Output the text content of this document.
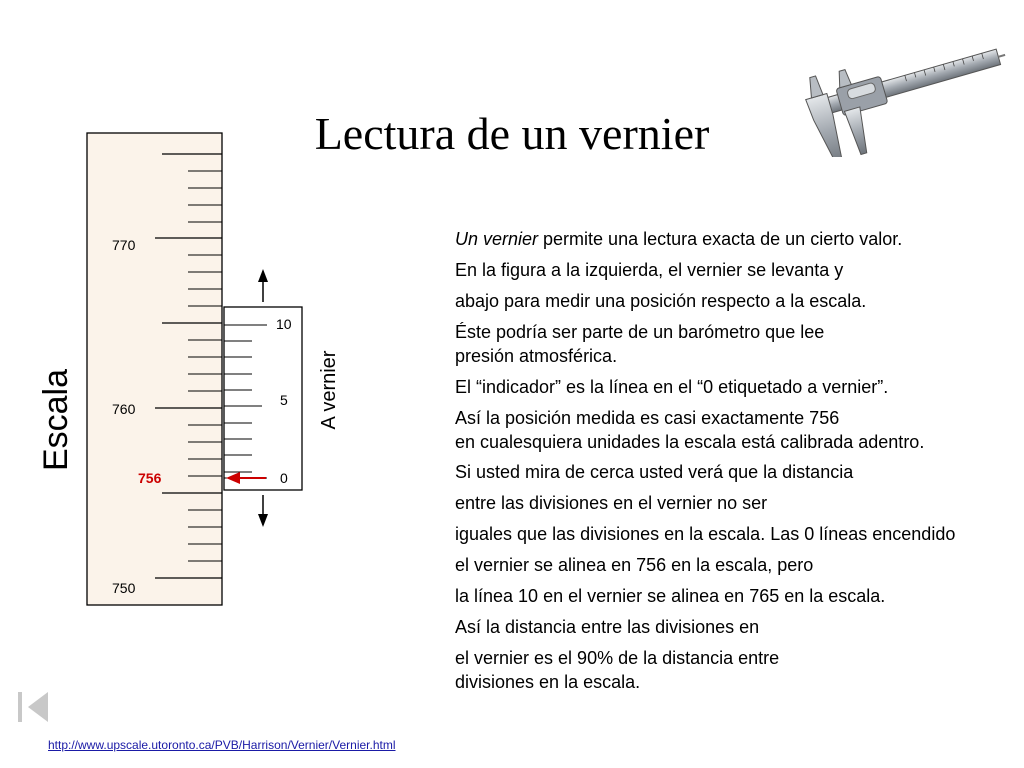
Lectura de un vernier
770
760
750
756
Escala
10
5
0
A vernier
Un vernier permite una lectura exacta de un cierto valor.
En la figura a la izquierda, el vernier se levanta y
abajo para medir una posición respecto a la escala.
Éste podría ser parte de un barómetro que lee
presión atmosférica.
El “indicador” es la línea en el “0 etiquetado a vernier”.
Así la posición medida es casi exactamente 756
en cualesquiera unidades la escala está calibrada adentro.
Si usted mira de cerca usted verá que la distancia
entre las divisiones en el vernier no ser
iguales que las divisiones en la escala. Las 0 líneas encendido
el vernier se alinea en 756 en la escala, pero
la línea 10 en el vernier se alinea en 765 en la escala.
Así la distancia entre las divisiones en
el vernier es el 90% de la distancia entre
divisiones en la escala.
http://www.upscale.utoronto.ca/PVB/Harrison/Vernier/Vernier.html
